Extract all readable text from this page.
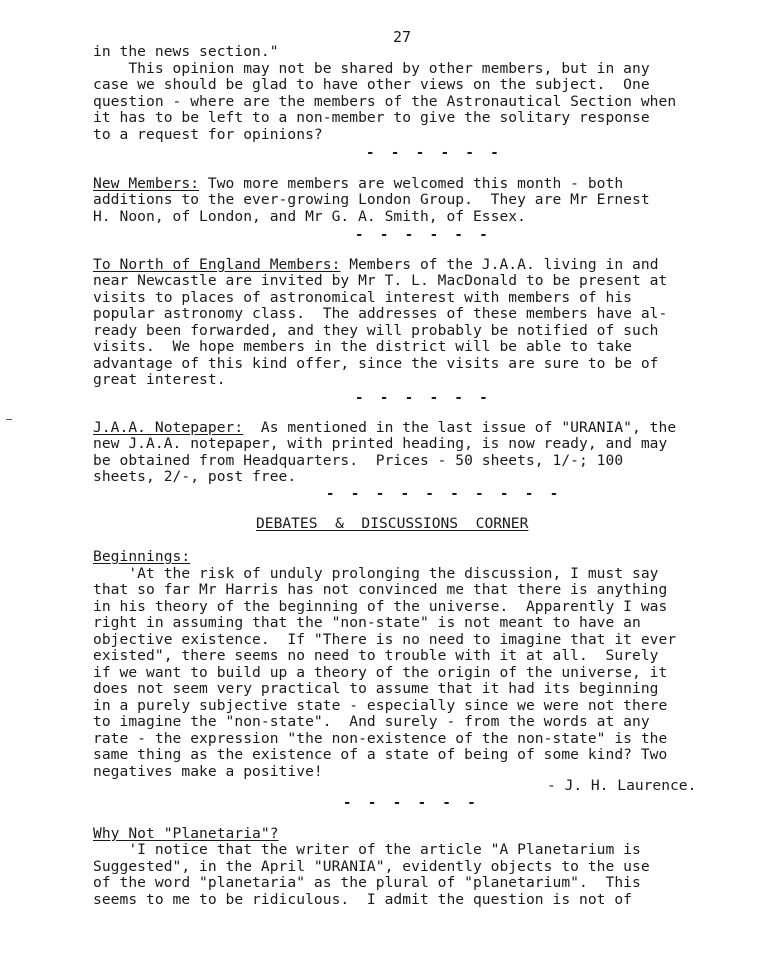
27
in the news section."
This opinion may not be shared by other members, but in any
case we should be glad to have other views on the subject.  One
question - where are the members of the Astronautical Section when
it has to be left to a non-member to give the solitary response
to a request for opinions?
- - - - - -
New Members: Two more members are welcomed this month - both
additions to the ever-growing London Group.  They are Mr Ernest
H. Noon, of London, and Mr G. A. Smith, of Essex.
- - - - - -
To North of England Members: Members of the J.A.A. living in and
near Newcastle are invited by Mr T. L. MacDonald to be present at
visits to places of astronomical interest with members of his
popular astronomy class.  The addresses of these members have al-
ready been forwarded, and they will probably be notified of such
visits.  We hope members in the district will be able to take
advantage of this kind offer, since the visits are sure to be of
great interest.
- - - - - -
J.A.A. Notepaper:  As mentioned in the last issue of "URANIA", the
new J.A.A. notepaper, with printed heading, is now ready, and may
be obtained from Headquarters.  Prices - 50 sheets, 1/-; 100
sheets, 2/-, post free.
- - - - - - - - - -
DEBATES  &  DISCUSSIONS  CORNER
Beginnings:
'At the risk of unduly prolonging the discussion, I must say
that so far Mr Harris has not convinced me that there is anything
in his theory of the beginning of the universe.  Apparently I was
right in assuming that the "non-state" is not meant to have an
objective existence.  If "There is no need to imagine that it ever
existed", there seems no need to trouble with it at all.  Surely
if we want to build up a theory of the origin of the universe, it
does not seem very practical to assume that it had its beginning
in a purely subjective state - especially since we were not there
to imagine the "non-state".  And surely - from the words at any
rate - the expression "the non-existence of the non-state" is the
same thing as the existence of a state of being of some kind? Two
negatives make a positive!
- J. H. Laurence.
- - - - - -
Why Not "Planetaria"?
'I notice that the writer of the article "A Planetarium is
Suggested", in the April "URANIA", evidently objects to the use
of the word "planetaria" as the plural of "planetarium".  This
seems to me to be ridiculous.  I admit the question is not of
